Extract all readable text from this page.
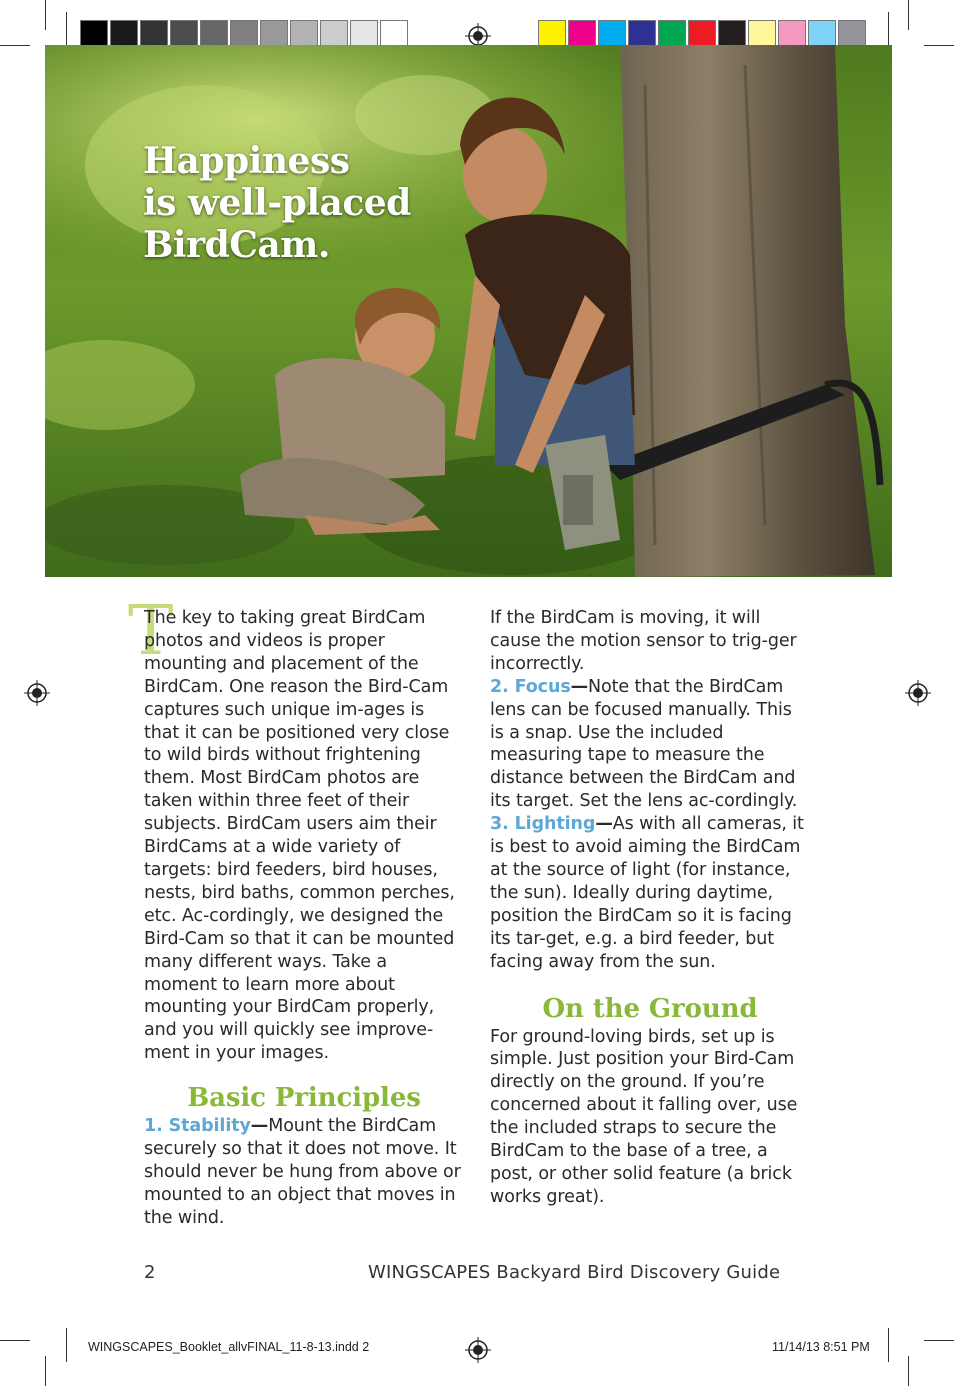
Happiness
is well-placed
BirdCam.
T

The key to taking great BirdCam photos and videos is proper mounting and placement of the BirdCam. One reason the Bird-Cam captures such unique im-ages is that it can be positioned very close to wild birds without frightening them. Most BirdCam photos are taken within three feet of their subjects. BirdCam users aim their BirdCams at a wide variety of targets: bird feeders, bird houses, nests, bird baths, common perches, etc. Ac-cordingly, we designed the Bird-Cam so that it can be mounted many different ways. Take a moment to learn more about mounting your BirdCam properly, and you will quickly see improve-ment in your images.

Basic Principles

1. Stability—Mount the BirdCam securely so that it does not move. It should never be hung from above or mounted to an object that moves in the wind.

If the BirdCam is moving, it will cause the motion sensor to trig-ger incorrectly.

2. Focus—Note that the BirdCam lens can be focused manually. This is a snap. Use the included measuring tape to measure the distance between the BirdCam and its target. Set the lens ac-cordingly.

3. Lighting—As with all cameras, it is best to avoid aiming the BirdCam at the source of light (for instance, the sun). Ideally during daytime, position the BirdCam so it is facing its tar-get, e.g. a bird feeder, but facing away from the sun.

On the Ground

For ground-loving birds, set up is simple. Just position your Bird-Cam directly on the ground. If you’re concerned about it falling over, use the included straps to secure the BirdCam to the base of a tree, a post, or other solid feature (a brick works great).

2	WINGSCAPES Backyard Bird Discovery Guide
WINGSCAPES_Booklet_allvFINAL_11-8-13.indd 2	11/14/13 8:51 PM
